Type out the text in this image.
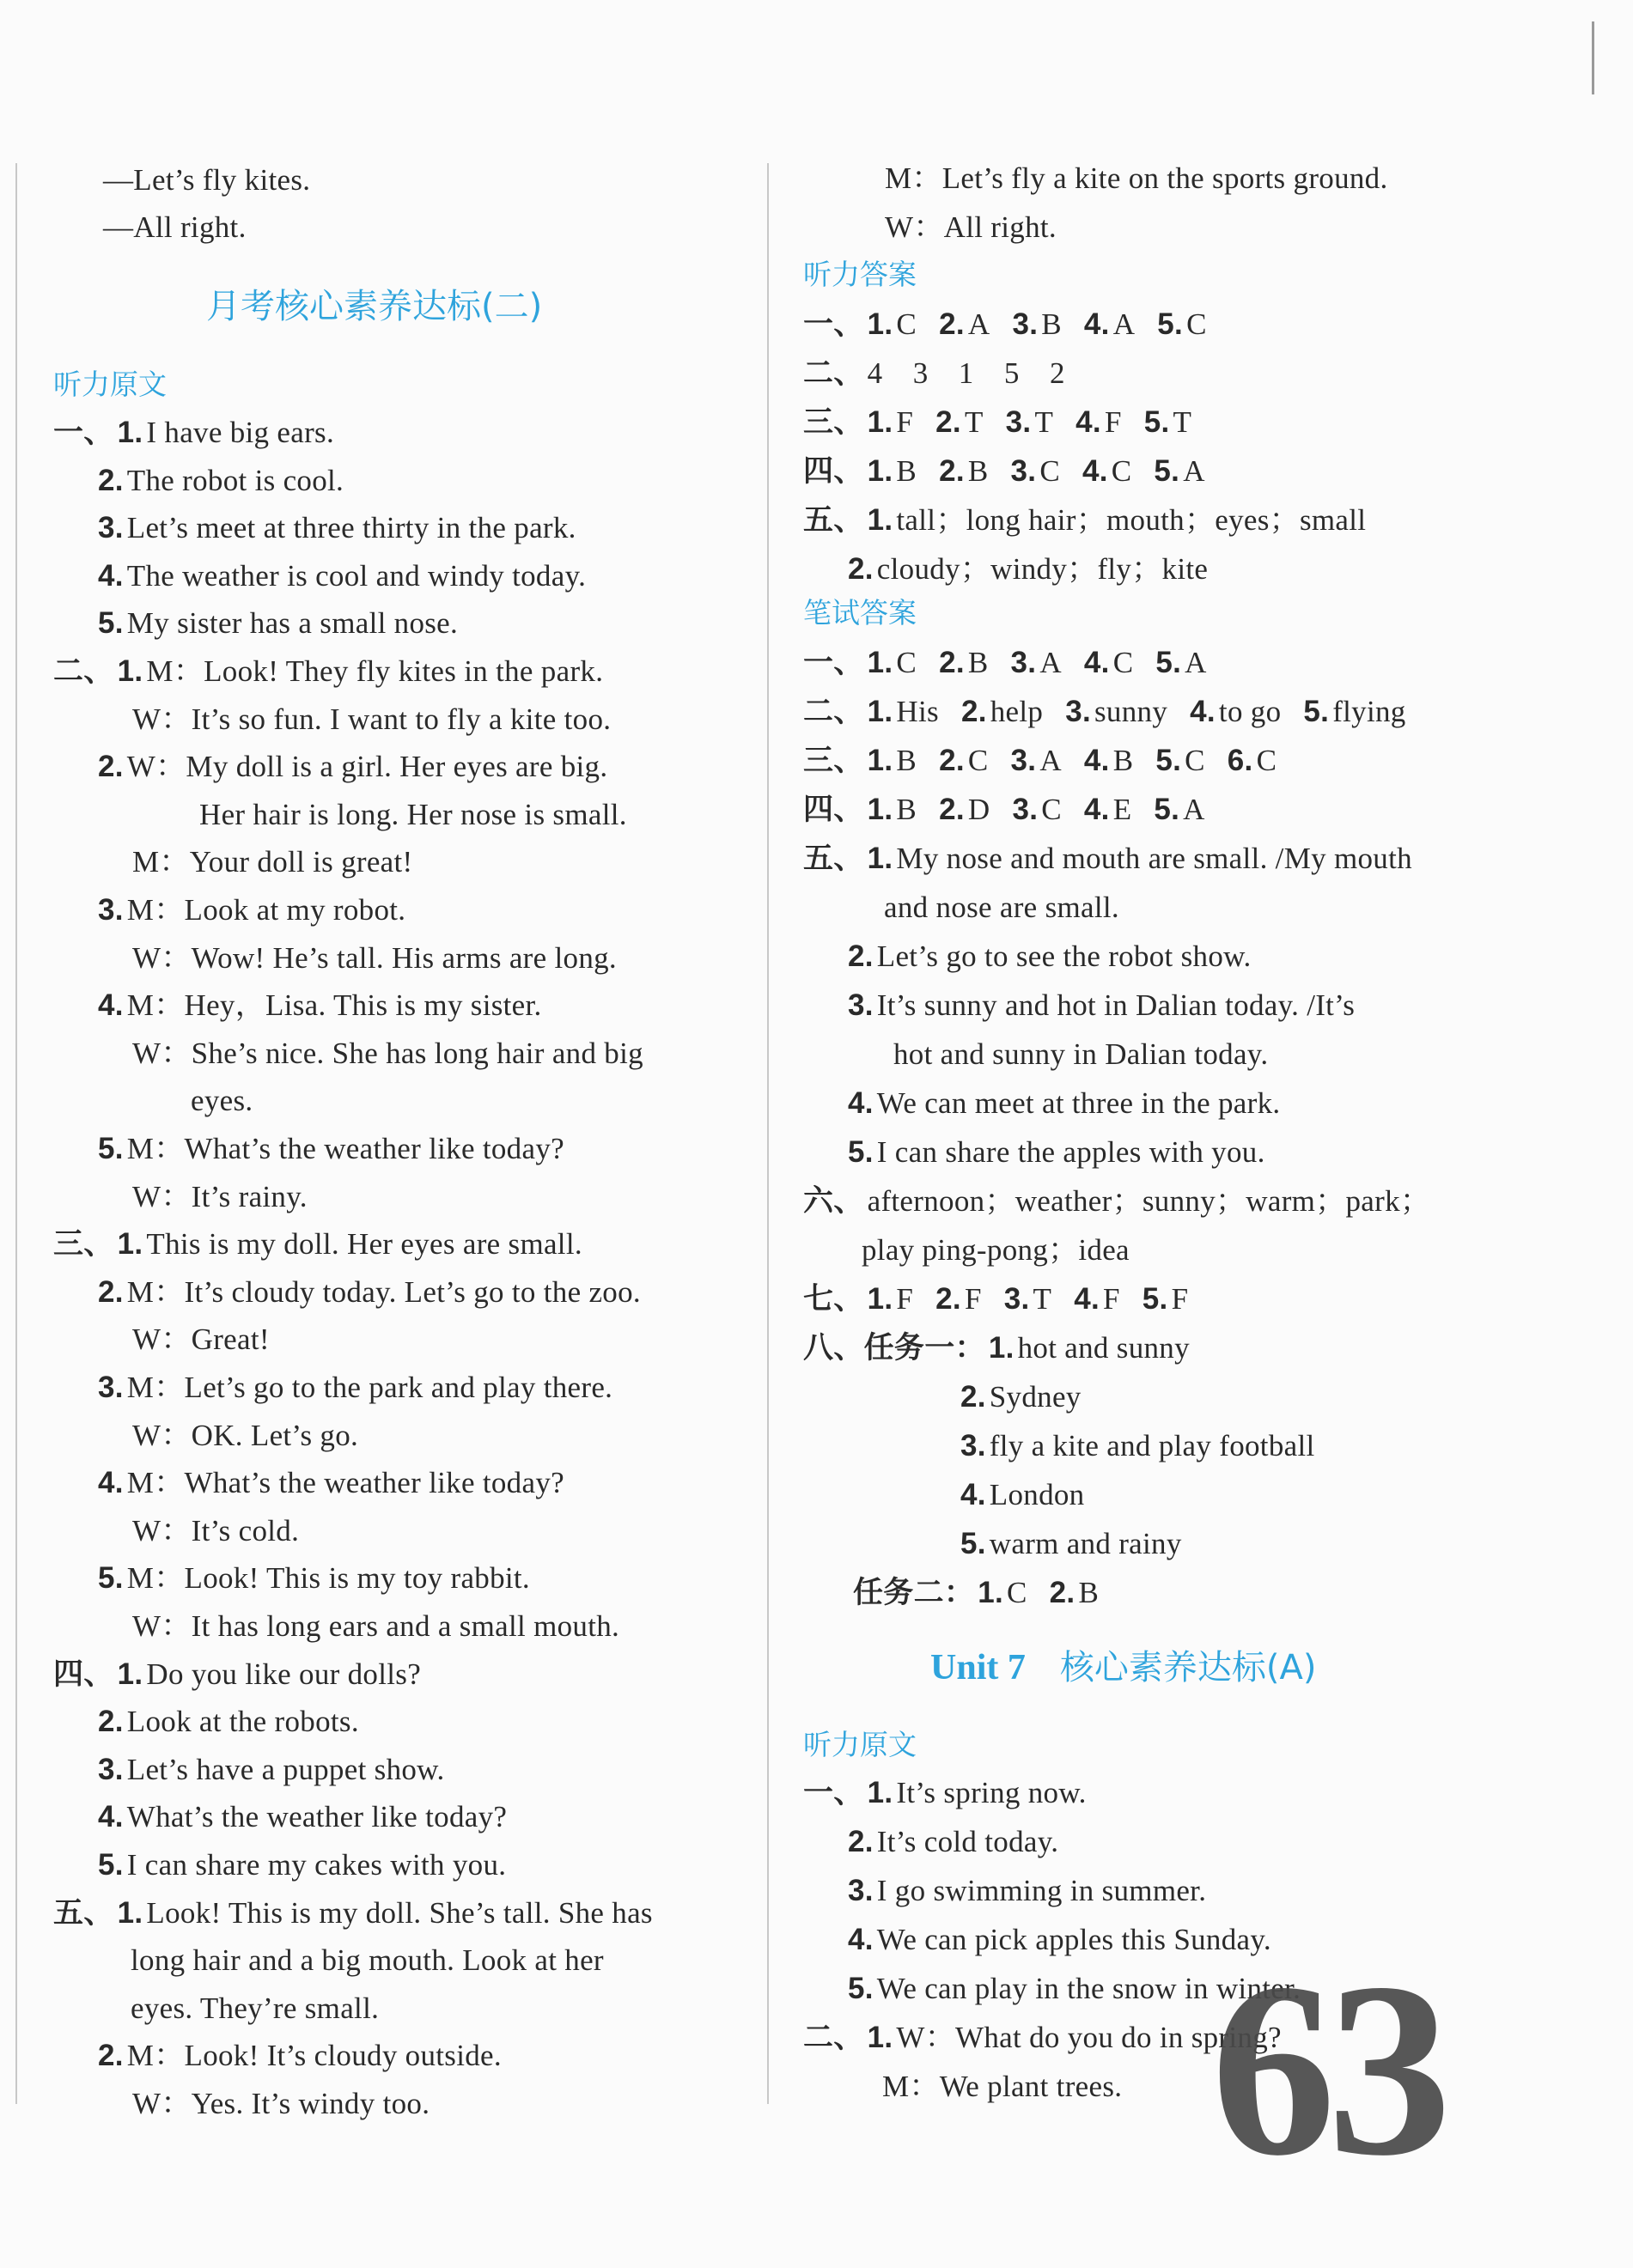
—Let’s fly kites.
—All right.
月考核心素养达标(二)
听力原文
一、 1. I have big ears.
2. The robot is cool.
3. Let’s meet at three thirty in the park.
4. The weather is cool and windy today.
5. My sister has a small nose.
二、 1. M：Look! They fly kites in the park.
W：It’s so fun. I want to fly a kite too.
2. W：My doll is a girl. Her eyes are big.
Her hair is long. Her nose is small.
M：Your doll is great!
3. M：Look at my robot.
W：Wow! He’s tall. His arms are long.
4. M：Hey，Lisa. This is my sister.
W：She’s nice. She has long hair and big
eyes.
5. M：What’s the weather like today?
W：It’s rainy.
三、 1. This is my doll. Her eyes are small.
2. M：It’s cloudy today. Let’s go to the zoo.
W：Great!
3. M：Let’s go to the park and play there.
W：OK. Let’s go.
4. M：What’s the weather like today?
W：It’s cold.
5. M：Look! This is my toy rabbit.
W：It has long ears and a small mouth.
四、 1. Do you like our dolls?
2. Look at the robots.
3. Let’s have a puppet show.
4. What’s the weather like today?
5. I can share my cakes with you.
五、 1. Look! This is my doll. She’s tall. She has
long hair and a big mouth. Look at her
eyes. They’re small.
2. M：Look! It’s cloudy outside.
W：Yes. It’s windy too.
M：Let’s fly a kite on the sports ground.
W：All right.
听力答案
一、 1. C 2. A 3. B 4. A 5. C
二、 4　3　1　5　2
三、 1. F 2. T 3. T 4. F 5. T
四、 1. B 2. B 3. C 4. C 5. A
五、 1. tall；long hair；mouth；eyes；small
2. cloudy；windy；fly；kite
笔试答案
一、 1. C 2. B 3. A 4. C 5. A
二、 1. His 2. help 3. sunny 4. to go 5. flying
三、 1. B 2. C 3. A 4. B 5. C 6. C
四、 1. B 2. D 3. C 4. E 5. A
五、 1. My nose and mouth are small. /My mouth
and nose are small.
2. Let’s go to see the robot show.
3. It’s sunny and hot in Dalian today. /It’s
hot and sunny in Dalian today.
4. We can meet at three in the park.
5. I can share the apples with you.
六、 afternoon；weather；sunny；warm；park；
play ping-pong；idea
七、 1. F 2. F 3. T 4. F 5. F
八、任务一： 1. hot and sunny
2. Sydney
3. fly a kite and play football
4. London
5. warm and rainy
任务二： 1. C 2. B
Unit 7　核心素养达标(A)
听力原文
一、 1. It’s spring now.
2. It’s cold today.
3. I go swimming in summer.
4. We can pick apples this Sunday.
5. We can play in the snow in winter.
二、 1. W：What do you do in spring?
M：We plant trees. 63
